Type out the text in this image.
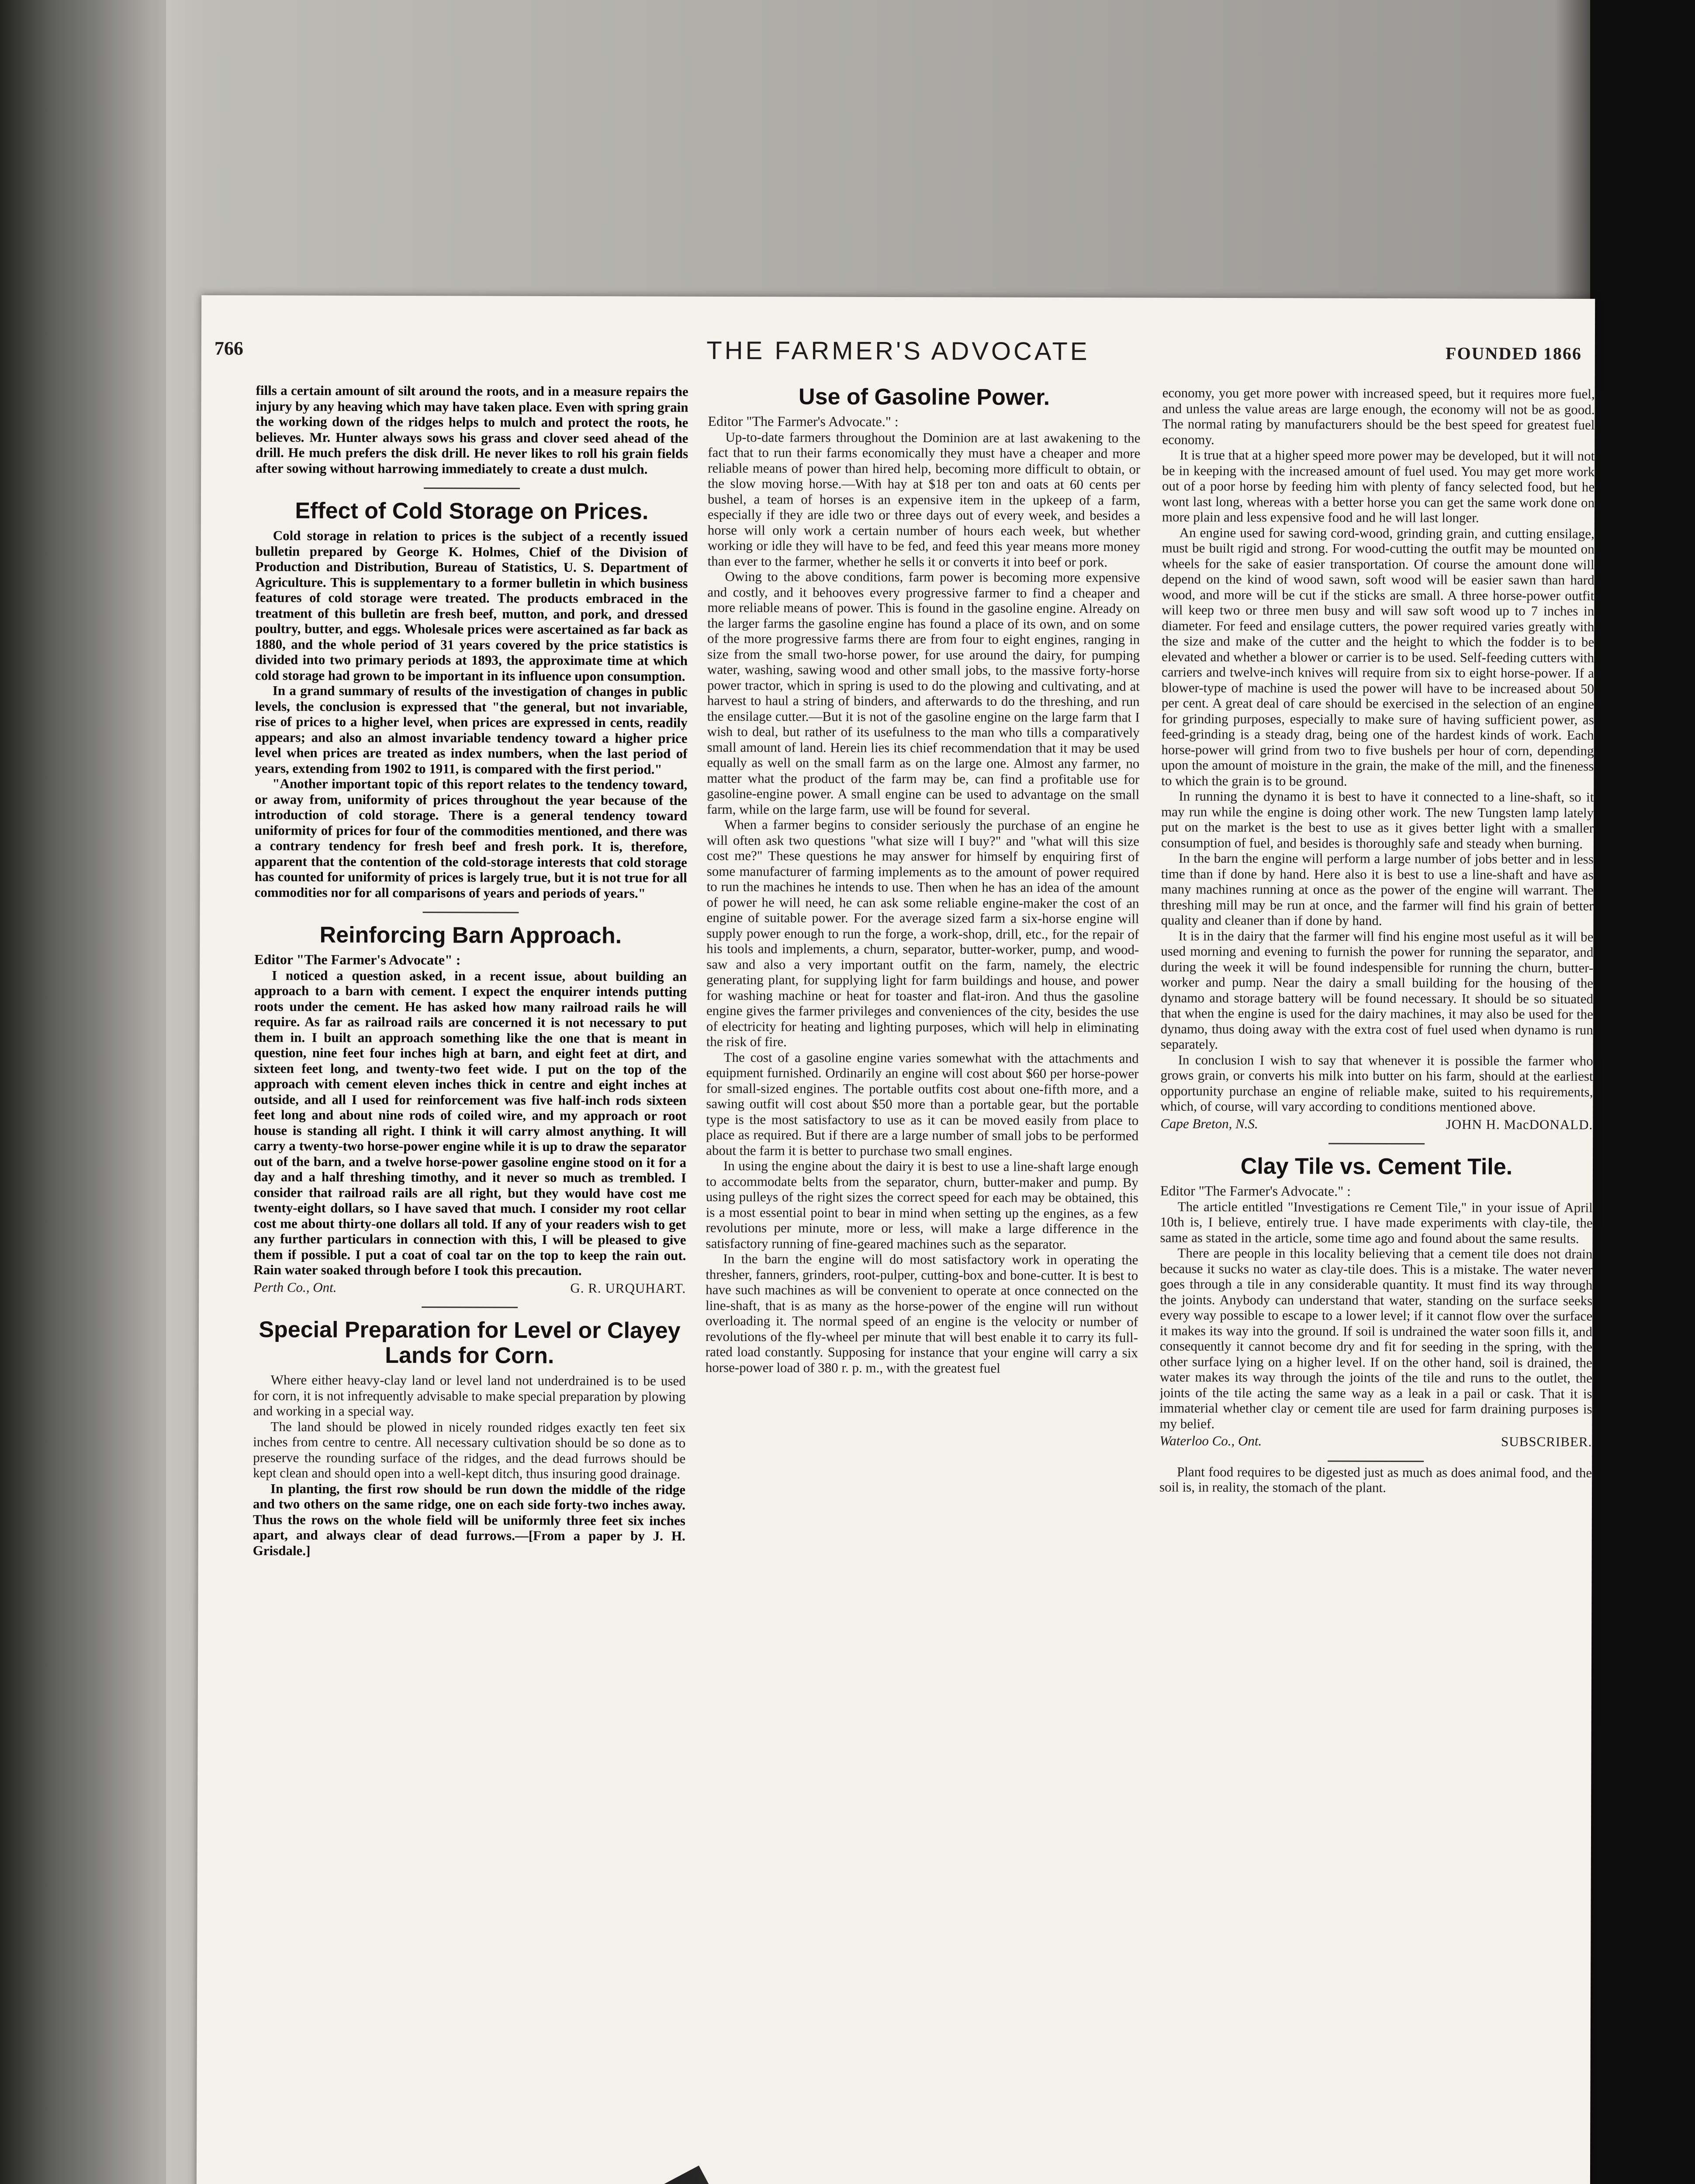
766	THE FARMER'S ADVOCATE	FOUNDED 1866

fills a certain amount of silt around the roots, and in a measure repairs the injury by any heaving which may have taken place. Even with spring grain the working down of the ridges helps to mulch and protect the roots, he believes. Mr. Hunter always sows his grass and clover seed ahead of the drill. He much prefers the disk drill. He never likes to roll his grain fields after sowing without harrowing immediately to create a dust mulch.

Effect of Cold Storage on Prices.

Cold storage in relation to prices is the subject of a recently issued bulletin prepared by George K. Holmes, Chief of the Division of Production and Distribution, Bureau of Statistics, U. S. Department of Agriculture. This is supplementary to a former bulletin in which business features of cold storage were treated. The products embraced in the treatment of this bulletin are fresh beef, mutton, and pork, and dressed poultry, butter, and eggs. Wholesale prices were ascertained as far back as 1880, and the whole period of 31 years covered by the price statistics is divided into two primary periods at 1893, the approximate time at which cold storage had grown to be important in its influence upon consumption.

In a grand summary of results of the investigation of changes in public levels, the conclusion is expressed that "the general, but not invariable, rise of prices to a higher level, when prices are expressed in cents, readily appears; and also an almost invariable tendency toward a higher price level when prices are treated as index numbers, when the last period of years, extending from 1902 to 1911, is compared with the first period."

"Another important topic of this report relates to the tendency toward, or away from, uniformity of prices throughout the year because of the introduction of cold storage. There is a general tendency toward uniformity of prices for four of the commodities mentioned, and there was a contrary tendency for fresh beef and fresh pork. It is, therefore, apparent that the contention of the cold-storage interests that cold storage has counted for uniformity of prices is largely true, but it is not true for all commodities nor for all comparisons of years and periods of years."

Reinforcing Barn Approach.

Editor "The Farmer's Advocate" :

I noticed a question asked, in a recent issue, about building an approach to a barn with cement. I expect the enquirer intends putting roots under the cement. He has asked how many railroad rails he will require. As far as railroad rails are concerned it is not necessary to put them in. I built an approach something like the one that is meant in question, nine feet four inches high at barn, and eight feet at dirt, and sixteen feet long, and twenty-two feet wide. I put on the top of the approach with cement eleven inches thick in centre and eight inches at outside, and all I used for reinforcement was five half-inch rods sixteen feet long and about nine rods of coiled wire, and my approach or root house is standing all right. I think it will carry almost anything. It will carry a twenty-two horse-power engine while it is up to draw the separator out of the barn, and a twelve horse-power gasoline engine stood on it for a day and a half threshing timothy, and it never so much as trembled. I consider that railroad rails are all right, but they would have cost me twenty-eight dollars, so I have saved that much. I consider my root cellar cost me about thirty-one dollars all told. If any of your readers wish to get any further particulars in connection with this, I will be pleased to give them if possible. I put a coat of coal tar on the top to keep the rain out. Rain water soaked through before I took this precaution.

Perth Co., Ont.	G. R. URQUHART.
Special Preparation for Level or Clayey Lands for Corn.

Where either heavy-clay land or level land not underdrained is to be used for corn, it is not infrequently advisable to make special preparation by plowing and working in a special way.

The land should be plowed in nicely rounded ridges exactly ten feet six inches from centre to centre. All necessary cultivation should be so done as to preserve the rounding surface of the ridges, and the dead furrows should be kept clean and should open into a well-kept ditch, thus insuring good drainage.

In planting, the first row should be run down the middle of the ridge and two others on the same ridge, one on each side forty-two inches away. Thus the rows on the whole field will be uniformly three feet six inches apart, and always clear of dead furrows.—[From a paper by J. H. Grisdale.]

Use of Gasoline Power.

Editor "The Farmer's Advocate." :

Up-to-date farmers throughout the Dominion are at last awakening to the fact that to run their farms economically they must have a cheaper and more reliable means of power than hired help, becoming more difficult to obtain, or the slow moving horse.—With hay at $18 per ton and oats at 60 cents per bushel, a team of horses is an expensive item in the upkeep of a farm, especially if they are idle two or three days out of every week, and besides a horse will only work a certain number of hours each week, but whether working or idle they will have to be fed, and feed this year means more money than ever to the farmer, whether he sells it or converts it into beef or pork.

Owing to the above conditions, farm power is becoming more expensive and costly, and it behooves every progressive farmer to find a cheaper and more reliable means of power. This is found in the gasoline engine. Already on the larger farms the gasoline engine has found a place of its own, and on some of the more progressive farms there are from four to eight engines, ranging in size from the small two-horse power, for use around the dairy, for pumping water, washing, sawing wood and other small jobs, to the massive forty-horse power tractor, which in spring is used to do the plowing and cultivating, and at harvest to haul a string of binders, and afterwards to do the threshing, and run the ensilage cutter.—But it is not of the gasoline engine on the large farm that I wish to deal, but rather of its usefulness to the man who tills a comparatively small amount of land. Herein lies its chief recommendation that it may be used equally as well on the small farm as on the large one. Almost any farmer, no matter what the product of the farm may be, can find a profitable use for gasoline-engine power. A small engine can be used to advantage on the small farm, while on the large farm, use will be found for several.

When a farmer begins to consider seriously the purchase of an engine he will often ask two questions "what size will I buy?" and "what will this size cost me?" These questions he may answer for himself by enquiring first of some manufacturer of farming implements as to the amount of power required to run the machines he intends to use. Then when he has an idea of the amount of power he will need, he can ask some reliable engine-maker the cost of an engine of suitable power. For the average sized farm a six-horse engine will supply power enough to run the forge, a work-shop, drill, etc., for the repair of his tools and implements, a churn, separator, butter-worker, pump, and wood-saw and also a very important outfit on the farm, namely, the electric generating plant, for supplying light for farm buildings and house, and power for washing machine or heat for toaster and flat-iron. And thus the gasoline engine gives the farmer privileges and conveniences of the city, besides the use of electricity for heating and lighting purposes, which will help in eliminating the risk of fire.

The cost of a gasoline engine varies somewhat with the attachments and equipment furnished. Ordinarily an engine will cost about $60 per horse-power for small-sized engines. The portable outfits cost about one-fifth more, and a sawing outfit will cost about $50 more than a portable gear, but the portable type is the most satisfactory to use as it can be moved easily from place to place as required. But if there are a large number of small jobs to be performed about the farm it is better to purchase two small engines.

In using the engine about the dairy it is best to use a line-shaft large enough to accommodate belts from the separator, churn, butter-maker and pump. By using pulleys of the right sizes the correct speed for each may be obtained, this is a most essential point to bear in mind when setting up the engines, as a few revolutions per minute, more or less, will make a large difference in the satisfactory running of fine-geared machines such as the separator.

In the barn the engine will do most satisfactory work in operating the thresher, fanners, grinders, root-pulper, cutting-box and bone-cutter. It is best to have such machines as will be convenient to operate at once connected on the line-shaft, that is as many as the horse-power of the engine will run without overloading it. The normal speed of an engine is the velocity or number of revolutions of the fly-wheel per minute that will best enable it to carry its full-rated load constantly. Supposing for instance that your engine will carry a six horse-power load of 380 r. p. m., with the greatest fuel

economy, you get more power with increased speed, but it requires more fuel, and unless the value areas are large enough, the economy will not be as good. The normal rating by manufacturers should be the best speed for greatest fuel economy.

It is true that at a higher speed more power may be developed, but it will not be in keeping with the increased amount of fuel used. You may get more work out of a poor horse by feeding him with plenty of fancy selected food, but he wont last long, whereas with a better horse you can get the same work done on more plain and less expensive food and he will last longer.

An engine used for sawing cord-wood, grinding grain, and cutting ensilage, must be built rigid and strong. For wood-cutting the outfit may be mounted on wheels for the sake of easier transportation. Of course the amount done will depend on the kind of wood sawn, soft wood will be easier sawn than hard wood, and more will be cut if the sticks are small. A three horse-power outfit will keep two or three men busy and will saw soft wood up to 7 inches in diameter. For feed and ensilage cutters, the power required varies greatly with the size and make of the cutter and the height to which the fodder is to be elevated and whether a blower or carrier is to be used. Self-feeding cutters with carriers and twelve-inch knives will require from six to eight horse-power. If a blower-type of machine is used the power will have to be increased about 50 per cent. A great deal of care should be exercised in the selection of an engine for grinding purposes, especially to make sure of having sufficient power, as feed-grinding is a steady drag, being one of the hardest kinds of work. Each horse-power will grind from two to five bushels per hour of corn, depending upon the amount of moisture in the grain, the make of the mill, and the fineness to which the grain is to be ground.

In running the dynamo it is best to have it connected to a line-shaft, so it may run while the engine is doing other work. The new Tungsten lamp lately put on the market is the best to use as it gives better light with a smaller consumption of fuel, and besides is thoroughly safe and steady when burning.

In the barn the engine will perform a large number of jobs better and in less time than if done by hand. Here also it is best to use a line-shaft and have as many machines running at once as the power of the engine will warrant. The threshing mill may be run at once, and the farmer will find his grain of better quality and cleaner than if done by hand.

It is in the dairy that the farmer will find his engine most useful as it will be used morning and evening to furnish the power for running the separator, and during the week it will be found indespensible for running the churn, butter-worker and pump. Near the dairy a small building for the housing of the dynamo and storage battery will be found necessary. It should be so situated that when the engine is used for the dairy machines, it may also be used for the dynamo, thus doing away with the extra cost of fuel used when dynamo is run separately.

In conclusion I wish to say that whenever it is possible the farmer who grows grain, or converts his milk into butter on his farm, should at the earliest opportunity purchase an engine of reliable make, suited to his requirements, which, of course, will vary according to conditions mentioned above.

Cape Breton, N.S.	JOHN H. MacDONALD.
Clay Tile vs. Cement Tile.

Editor "The Farmer's Advocate." :

The article entitled "Investigations re Cement Tile," in your issue of April 10th is, I believe, entirely true. I have made experiments with clay-tile, the same as stated in the article, some time ago and found about the same results.

There are people in this locality believing that a cement tile does not drain because it sucks no water as clay-tile does. This is a mistake. The water never goes through a tile in any considerable quantity. It must find its way through the joints. Anybody can understand that water, standing on the surface seeks every way possible to escape to a lower level; if it cannot flow over the surface it makes its way into the ground. If soil is undrained the water soon fills it, and consequently it cannot become dry and fit for seeding in the spring, with the other surface lying on a higher level. If on the other hand, soil is drained, the water makes its way through the joints of the tile and runs to the outlet, the joints of the tile acting the same way as a leak in a pail or cask. That it is immaterial whether clay or cement tile are used for farm draining purposes is my belief.

Waterloo Co., Ont.	SUBSCRIBER.

Plant food requires to be digested just as much as does animal food, and the soil is, in reality, the stomach of the plant.
